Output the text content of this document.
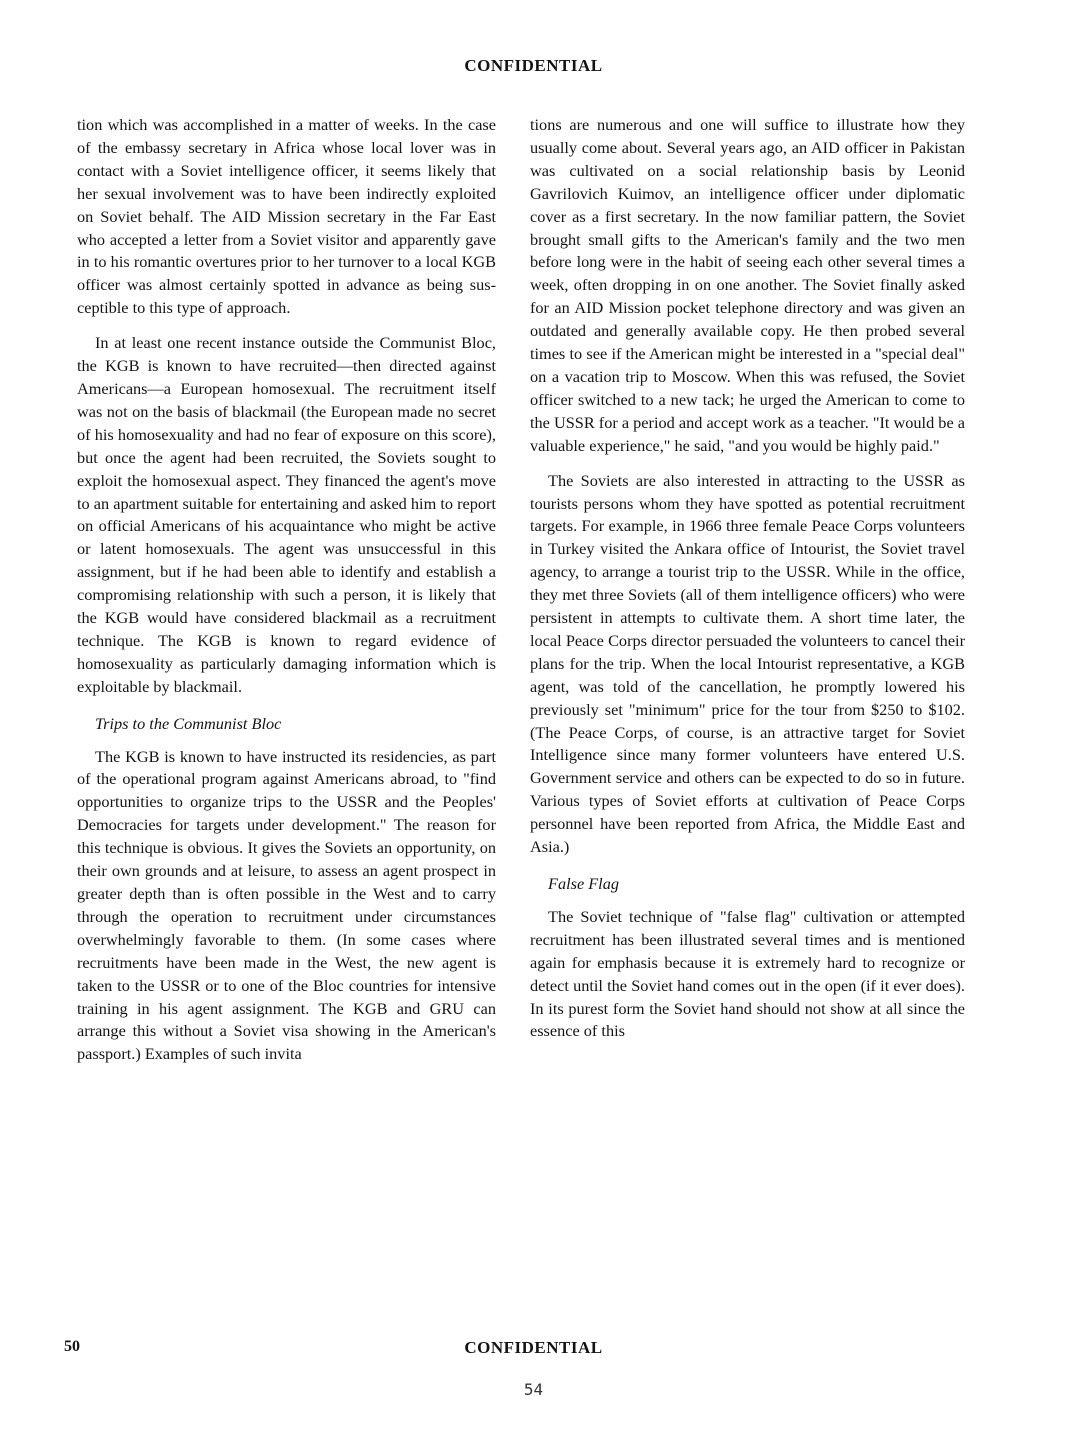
CONFIDENTIAL

tion which was accomplished in a matter of weeks. In the case of the embassy secretary in Africa whose local lover was in contact with a Soviet intelligence officer, it seems likely that her sexual involvement was to have been indirectly exploited on Soviet behalf. The AID Mission secretary in the Far East who accepted a letter from a Soviet visitor and apparently gave in to his romantic overtures prior to her turnover to a local KGB officer was almost certainly spotted in advance as being susceptible to this type of approach.

In at least one recent instance outside the Communist Bloc, the KGB is known to have recruited—then directed against Americans—a European homosexual. The recruitment itself was not on the basis of blackmail (the European made no secret of his homosexuality and had no fear of exposure on this score), but once the agent had been recruited, the Soviets sought to exploit the homosexual aspect. They financed the agent's move to an apartment suitable for entertaining and asked him to report on official Americans of his acquaintance who might be active or latent homosexuals. The agent was unsuccessful in this assignment, but if he had been able to identify and establish a compromising relationship with such a person, it is likely that the KGB would have considered blackmail as a recruitment technique. The KGB is known to regard evidence of homosexuality as particularly damaging information which is exploitable by blackmail.

Trips to the Communist Bloc

The KGB is known to have instructed its residencies, as part of the operational program against Americans abroad, to "find opportunities to organize trips to the USSR and the Peoples' Democracies for targets under development." The reason for this technique is obvious. It gives the Soviets an opportunity, on their own grounds and at leisure, to assess an agent prospect in greater depth than is often possible in the West and to carry through the operation to recruitment under circumstances overwhelmingly favorable to them. (In some cases where recruitments have been made in the West, the new agent is taken to the USSR or to one of the Bloc countries for intensive training in his agent assignment. The KGB and GRU can arrange this without a Soviet visa showing in the American's passport.) Examples of such invita

tions are numerous and one will suffice to illustrate how they usually come about. Several years ago, an AID officer in Pakistan was cultivated on a social relationship basis by Leonid Gavrilovich Kuimov, an intelligence officer under diplomatic cover as a first secretary. In the now familiar pattern, the Soviet brought small gifts to the American's family and the two men before long were in the habit of seeing each other several times a week, often dropping in on one another. The Soviet finally asked for an AID Mission pocket telephone directory and was given an outdated and generally available copy. He then probed several times to see if the American might be interested in a "special deal" on a vacation trip to Moscow. When this was refused, the Soviet officer switched to a new tack; he urged the American to come to the USSR for a period and accept work as a teacher. "It would be a valuable experience," he said, "and you would be highly paid."

The Soviets are also interested in attracting to the USSR as tourists persons whom they have spotted as potential recruitment targets. For example, in 1966 three female Peace Corps volunteers in Turkey visited the Ankara office of Intourist, the Soviet travel agency, to arrange a tourist trip to the USSR. While in the office, they met three Soviets (all of them intelligence officers) who were persistent in attempts to cultivate them. A short time later, the local Peace Corps director persuaded the volunteers to cancel their plans for the trip. When the local Intourist representative, a KGB agent, was told of the cancellation, he promptly lowered his previously set "minimum" price for the tour from $250 to $102. (The Peace Corps, of course, is an attractive target for Soviet Intelligence since many former volunteers have entered U.S. Government service and others can be expected to do so in future. Various types of Soviet efforts at cultivation of Peace Corps personnel have been reported from Africa, the Middle East and Asia.)

False Flag

The Soviet technique of "false flag" cultivation or attempted recruitment has been illustrated several times and is mentioned again for emphasis because it is extremely hard to recognize or detect until the Soviet hand comes out in the open (if it ever does). In its purest form the Soviet hand should not show at all since the essence of this

50	CONFIDENTIAL
54
